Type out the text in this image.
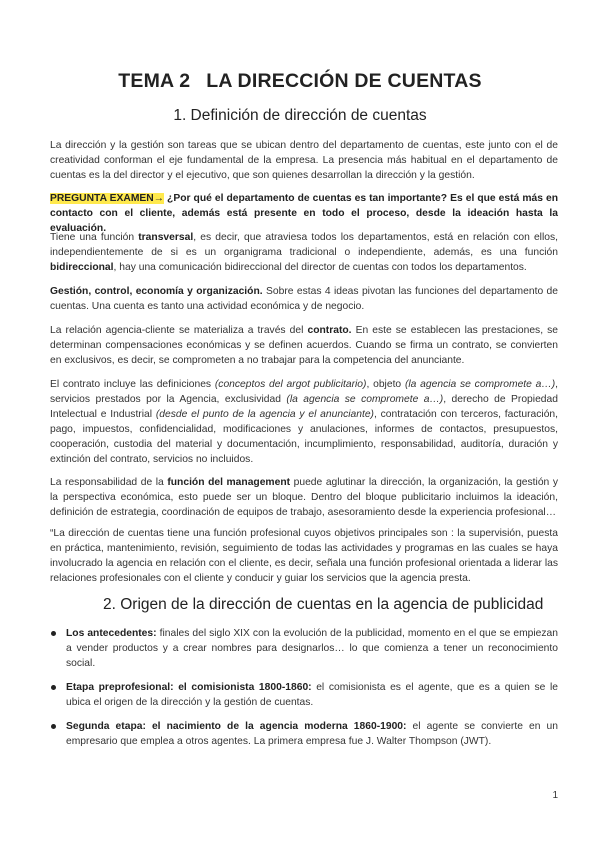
TEMA 2 LA DIRECCIÓN DE CUENTAS
1. Definición de dirección de cuentas

La dirección y la gestión son tareas que se ubican dentro del departamento de cuentas, este junto con el de creatividad conforman el eje fundamental de la empresa. La presencia más habitual en el departamento de cuentas es la del director y el ejecutivo, que son quienes desarrollan la dirección y la gestión.

PREGUNTA EXAMEN→ ¿Por qué el departamento de cuentas es tan importante? Es el que está más en contacto con el cliente, además está presente en todo el proceso, desde la ideación hasta la evaluación.

Tiene una función transversal, es decir, que atraviesa todos los departamentos, está en relación con ellos, independientemente de si es un organigrama tradicional o independiente, además, es una función bidireccional, hay una comunicación bidireccional del director de cuentas con todos los departamentos.

Gestión, control, economía y organización. Sobre estas 4 ideas pivotan las funciones del departamento de cuentas. Una cuenta es tanto una actividad económica y de negocio.

La relación agencia-cliente se materializa a través del contrato. En este se establecen las prestaciones, se determinan compensaciones económicas y se definen acuerdos. Cuando se firma un contrato, se convierten en exclusivos, es decir, se comprometen a no trabajar para la competencia del anunciante.

El contrato incluye las definiciones (conceptos del argot publicitario), objeto (la agencia se compromete a…), servicios prestados por la Agencia, exclusividad (la agencia se compromete a…), derecho de Propiedad Intelectual e Industrial (desde el punto de la agencia y el anunciante), contratación con terceros, facturación, pago, impuestos, confidencialidad, modificaciones y anulaciones, informes de contactos, presupuestos, cooperación, custodia del material y documentación, incumplimiento, responsabilidad, auditoría, duración y extinción del contrato, servicios no incluidos.

La responsabilidad de la función del management puede aglutinar la dirección, la organización, la gestión y la perspectiva económica, esto puede ser un bloque. Dentro del bloque publicitario incluimos la ideación, definición de estrategia, coordinación de equipos de trabajo, asesoramiento desde la experiencia profesional…

“La dirección de cuentas tiene una función profesional cuyos objetivos principales son : la supervisión, puesta en práctica, mantenimiento, revisión, seguimiento de todas las actividades y programas en las cuales se haya involucrado la agencia en relación con el cliente, es decir, señala una función profesional orientada a liderar las relaciones profesionales con el cliente y conducir y guiar los servicios que la agencia presta.

2. Origen de la dirección de cuentas en la agencia de publicidad
Los antecedentes: finales del siglo XIX con la evolución de la publicidad, momento en el que se empiezan a vender productos y a crear nombres para designarlos… lo que comienza a tener un reconocimiento social.
Etapa preprofesional: el comisionista 1800-1860: el comisionista es el agente, que es a quien se le ubica el origen de la dirección y la gestión de cuentas.
Segunda etapa: el nacimiento de la agencia moderna 1860-1900: el agente se convierte en un empresario que emplea a otros agentes. La primera empresa fue J. Walter Thompson (JWT).
1
